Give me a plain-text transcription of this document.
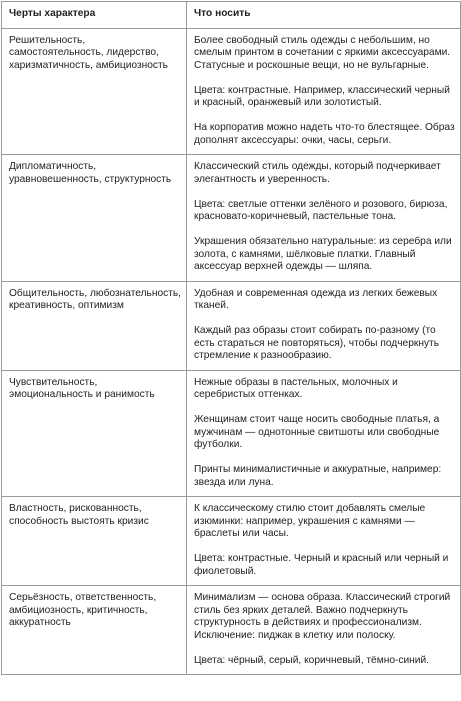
Черты характера	Что носить
Решительность, самостоятельность, лидерство, харизматичность, амбициозность	Более свободный стиль одежды с небольшим, но смелым принтом в сочетании с яркими аксессуарами. Статусные и роскошные вещи, но не вульгарные.

Цвета: контрастные. Например, классический черный и красный, оранжевый или золотистый.

На корпоратив можно надеть что-то блестящее. Образ дополнят аксессуары: очки, часы, серьги.

Дипломатичность, уравновешенность, структурность	Классический стиль одежды, который подчеркивает элегантность и уверенность.

Цвета: светлые оттенки зелёного и розового, бирюза, красновато-коричневый, пастельные тона.

Украшения обязательно натуральные: из серебра или золота, с камнями, шёлковые платки. Главный аксессуар верхней одежды — шляпа.

Общительность, любознательность, креативность, оптимизм	Удобная и современная одежда из легких бежевых тканей.

Каждый раз образы стоит собирать по-разному (то есть стараться не повторяться), чтобы подчеркнуть стремление к разнообразию.

Чувствительность, эмоциональность и ранимость	Нежные образы в пастельных, молочных и серебристых оттенках.

Женщинам стоит чаще носить свободные платья, а мужчинам — однотонные свитшоты или свободные футболки.

Принты минималистичные и аккуратные, например: звезда или луна.

Властность, рискованность, способность выстоять кризис	К классическому стилю стоит добавлять смелые изюминки: например, украшения с камнями — браслеты или часы.

Цвета: контрастные. Черный и красный или черный и фиолетовый.

Серьёзность, ответственность, амбициозность, критичность, аккуратность	Минимализм — основа образа. Классический строгий стиль без ярких деталей. Важно подчеркнуть структурность в действиях и профессионализм. Исключение: пиджак в клетку или полоску.

Цвета: чёрный, серый, коричневый, тёмно-синий.
